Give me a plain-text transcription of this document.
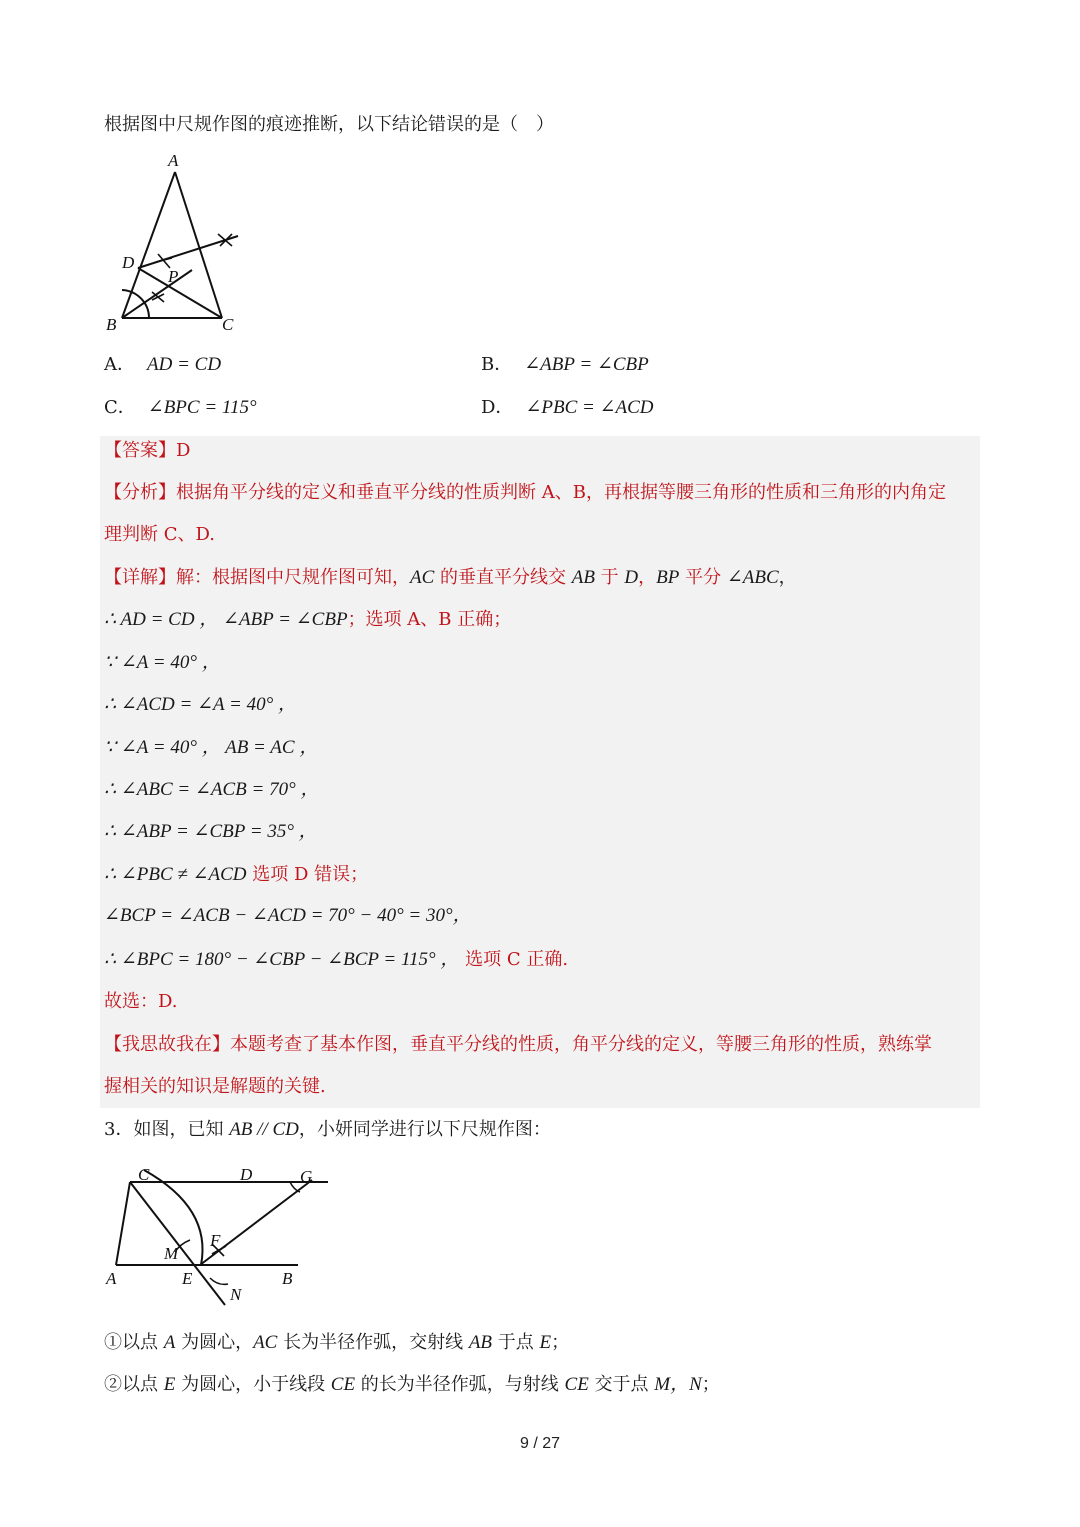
根据图中尺规作图的痕迹推断，以下结论错误的是（　）
A
D
P
B	C
A． AD = CD	B． ∠ABP = ∠CBP
C． ∠BPC = 115°	D． ∠PBC = ∠ACD
【答案】D
【分析】根据角平分线的定义和垂直平分线的性质判断 A、B，再根据等腰三角形的性质和三角形的内角定
理判断 C、D.
【详解】解：根据图中尺规作图可知，AC 的垂直平分线交 AB 于 D，BP 平分 ∠ABC，
∴ AD = CD ， ∠ABP = ∠CBP；选项 A、B 正确；
∵ ∠A = 40° ，
∴ ∠ACD = ∠A = 40° ，
∵ ∠A = 40° ， AB = AC ，
∴ ∠ABC = ∠ACB = 70° ，
∴ ∠ABP = ∠CBP = 35° ，
∴ ∠PBC ≠ ∠ACD 选项 D 错误；
∠BCP = ∠ACB − ∠ACD = 70° − 40° = 30°，
∴ ∠BPC = 180° − ∠CBP − ∠BCP = 115° ， 选项 C 正确.
故选：D.
【我思故我在】本题考查了基本作图，垂直平分线的性质，角平分线的定义，等腰三角形的性质，熟练掌
握相关的知识是解题的关键.
3．如图，已知 AB // CD，小妍同学进行以下尺规作图：
C	D	G
M
F
A	E	B
N
①以点 A 为圆心，AC 长为半径作弧，交射线 AB 于点 E；
②以点 E 为圆心，小于线段 CE 的长为半径作弧，与射线 CE 交于点 M，N；
9 / 27
